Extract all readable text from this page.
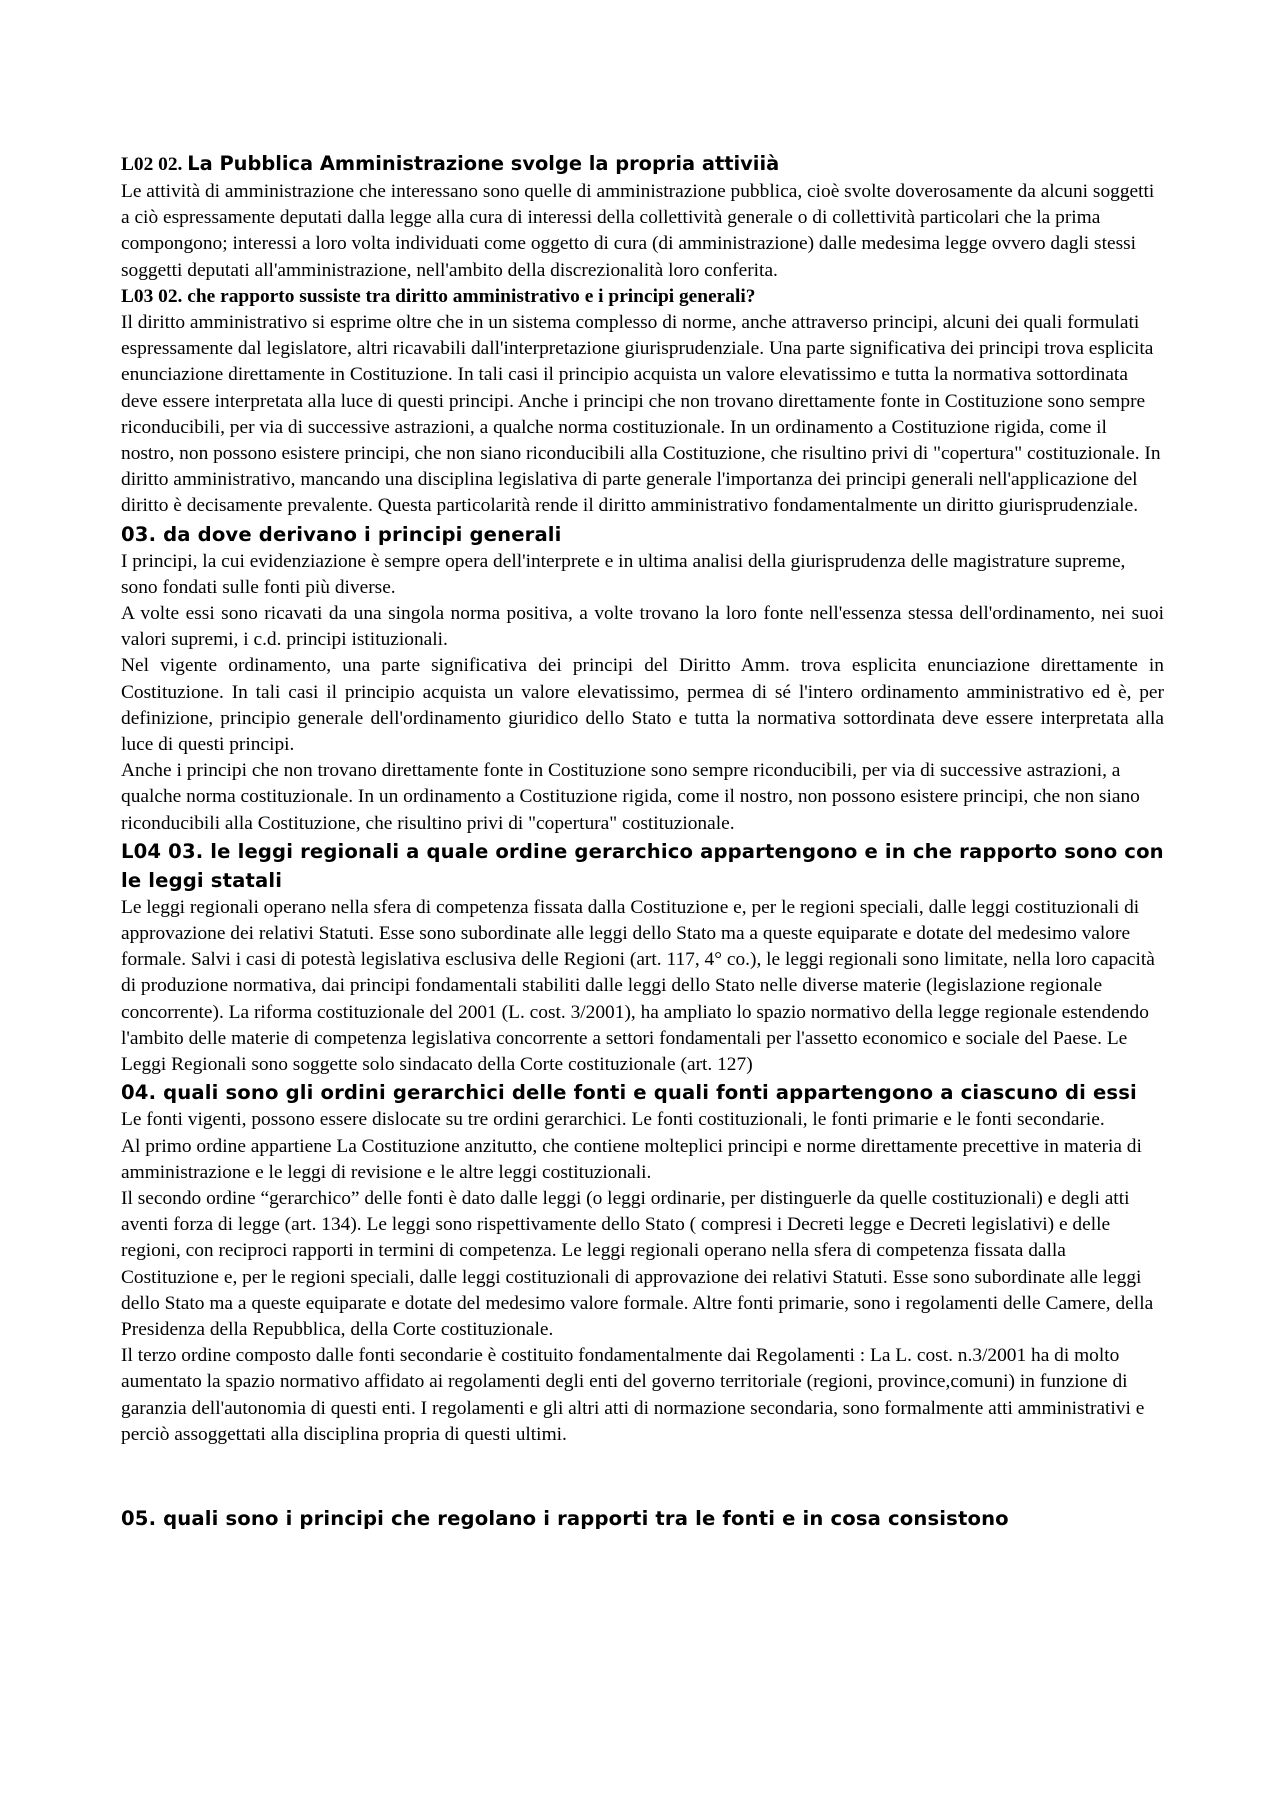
L02 02. La Pubblica Amministrazione svolge la propria attiviià

Le attività di amministrazione che interessano sono quelle di amministrazione pubblica, cioè svolte doverosamente da alcuni soggetti a ciò espressamente deputati dalla legge alla cura di interessi della collettività generale o di collettività particolari che la prima compongono; interessi a loro volta individuati come oggetto di cura (di amministrazione) dalle medesima legge ovvero dagli stessi soggetti deputati all'amministrazione, nell'ambito della discrezionalità loro conferita.

L03 02. che rapporto sussiste tra diritto amministrativo e i principi generali?

Il diritto amministrativo si esprime oltre che in un sistema complesso di norme, anche attraverso principi, alcuni dei quali formulati espressamente dal legislatore, altri ricavabili dall'interpretazione giurisprudenziale. Una parte significativa dei principi trova esplicita enunciazione direttamente in Costituzione. In tali casi il principio acquista un valore elevatissimo e tutta la normativa sottordinata deve essere interpretata alla luce di questi principi. Anche i principi che non trovano direttamente fonte in Costituzione sono sempre riconducibili, per via di successive astrazioni, a qualche norma costituzionale. In un ordinamento a Costituzione rigida, come il nostro, non possono esistere principi, che non siano riconducibili alla Costituzione, che risultino privi di "copertura" costituzionale. In diritto amministrativo, mancando una disciplina legislativa di parte generale l'importanza dei principi generali nell'applicazione del diritto è decisamente prevalente. Questa particolarità rende il diritto amministrativo fondamentalmente un diritto giurisprudenziale.

03. da dove derivano i principi generali

I principi, la cui evidenziazione è sempre opera dell'interprete e in ultima analisi della giurisprudenza delle magistrature supreme, sono fondati sulle fonti più diverse.

A volte essi sono ricavati da una singola norma positiva, a volte trovano la loro fonte nell'essenza stessa dell'ordinamento, nei suoi valori supremi, i c.d. principi istituzionali.

Nel vigente ordinamento, una parte significativa dei principi del Diritto Amm. trova esplicita enunciazione direttamente in Costituzione. In tali casi il principio acquista un valore elevatissimo, permea di sé l'intero ordinamento amministrativo ed è, per definizione, principio generale dell'ordinamento giuridico dello Stato e tutta la normativa sottordinata deve essere interpretata alla luce di questi principi.

Anche i principi che non trovano direttamente fonte in Costituzione sono sempre riconducibili, per via di successive astrazioni, a qualche norma costituzionale. In un ordinamento a Costituzione rigida, come il nostro, non possono esistere principi, che non siano riconducibili alla Costituzione, che risultino privi di "copertura" costituzionale.

L04 03. le leggi regionali a quale ordine gerarchico appartengono e in che rapporto sono con le leggi statali

Le leggi regionali operano nella sfera di competenza fissata dalla Costituzione e, per le regioni speciali, dalle leggi costituzionali di approvazione dei relativi Statuti. Esse sono subordinate alle leggi dello Stato ma a queste equiparate e dotate del medesimo valore formale. Salvi i casi di potestà legislativa esclusiva delle Regioni (art. 117, 4° co.), le leggi regionali sono limitate, nella loro capacità di produzione normativa, dai principi fondamentali stabiliti dalle leggi dello Stato nelle diverse materie (legislazione regionale concorrente). La riforma costituzionale del 2001 (L. cost. 3/2001), ha ampliato lo spazio normativo della legge regionale estendendo l'ambito delle materie di competenza legislativa concorrente a settori fondamentali per l'assetto economico e sociale del Paese. Le Leggi Regionali sono soggette solo sindacato della Corte costituzionale (art. 127)

04. quali sono gli ordini gerarchici delle fonti e quali fonti appartengono a ciascuno di essi

Le fonti vigenti, possono essere dislocate su tre ordini gerarchici. Le fonti costituzionali, le fonti primarie e le fonti secondarie.

Al primo ordine appartiene La Costituzione anzitutto, che contiene molteplici principi e norme direttamente precettive in materia di amministrazione e le leggi di revisione e le altre leggi costituzionali.

Il secondo ordine “gerarchico” delle fonti è dato dalle leggi (o leggi ordinarie, per distinguerle da quelle costituzionali) e degli atti aventi forza di legge (art. 134). Le leggi sono rispettivamente dello Stato ( compresi i Decreti legge e Decreti legislativi) e delle regioni, con reciproci rapporti in termini di competenza. Le leggi regionali operano nella sfera di competenza fissata dalla Costituzione e, per le regioni speciali, dalle leggi costituzionali di approvazione dei relativi Statuti. Esse sono subordinate alle leggi dello Stato ma a queste equiparate e dotate del medesimo valore formale. Altre fonti primarie, sono i regolamenti delle Camere, della Presidenza della Repubblica, della Corte costituzionale.

Il terzo ordine composto dalle fonti secondarie è costituito fondamentalmente dai Regolamenti : La L. cost. n.3/2001 ha di molto aumentato la spazio normativo affidato ai regolamenti degli enti del governo territoriale (regioni, province,comuni) in funzione di garanzia dell'autonomia di questi enti. I regolamenti e gli altri atti di normazione secondaria, sono formalmente atti amministrativi e perciò assoggettati alla disciplina propria di questi ultimi.

05. quali sono i principi che regolano i rapporti tra le fonti e in cosa consistono
